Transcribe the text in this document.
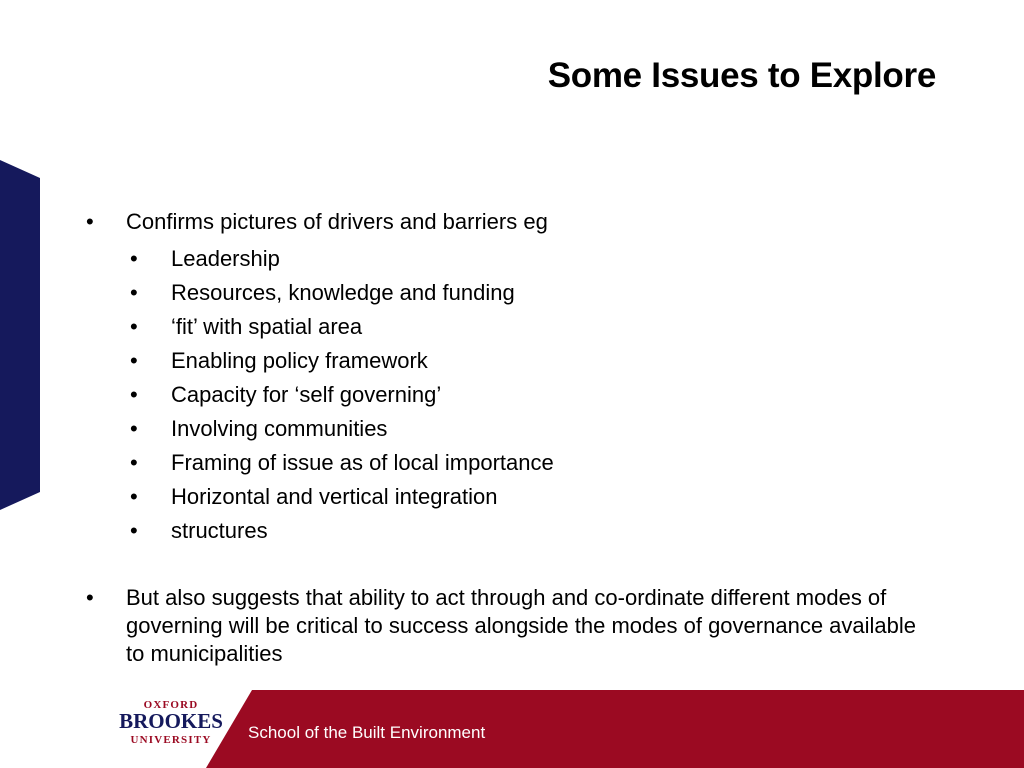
Some Issues to Explore

• Confirms pictures of drivers and barriers eg

• Leadership
• Resources, knowledge and funding
• ‘fit’ with spatial area
• Enabling policy framework
• Capacity for ‘self governing’
• Involving communities
• Framing of issue as of local importance
• Horizontal and vertical integration
• structures

• But also suggests that ability to act through and co-ordinate different modes of governing will be critical to success alongside the modes of governance available to municipalities

School of the Built Environment
OXFORD
BROOKES
UNIVERSITY
